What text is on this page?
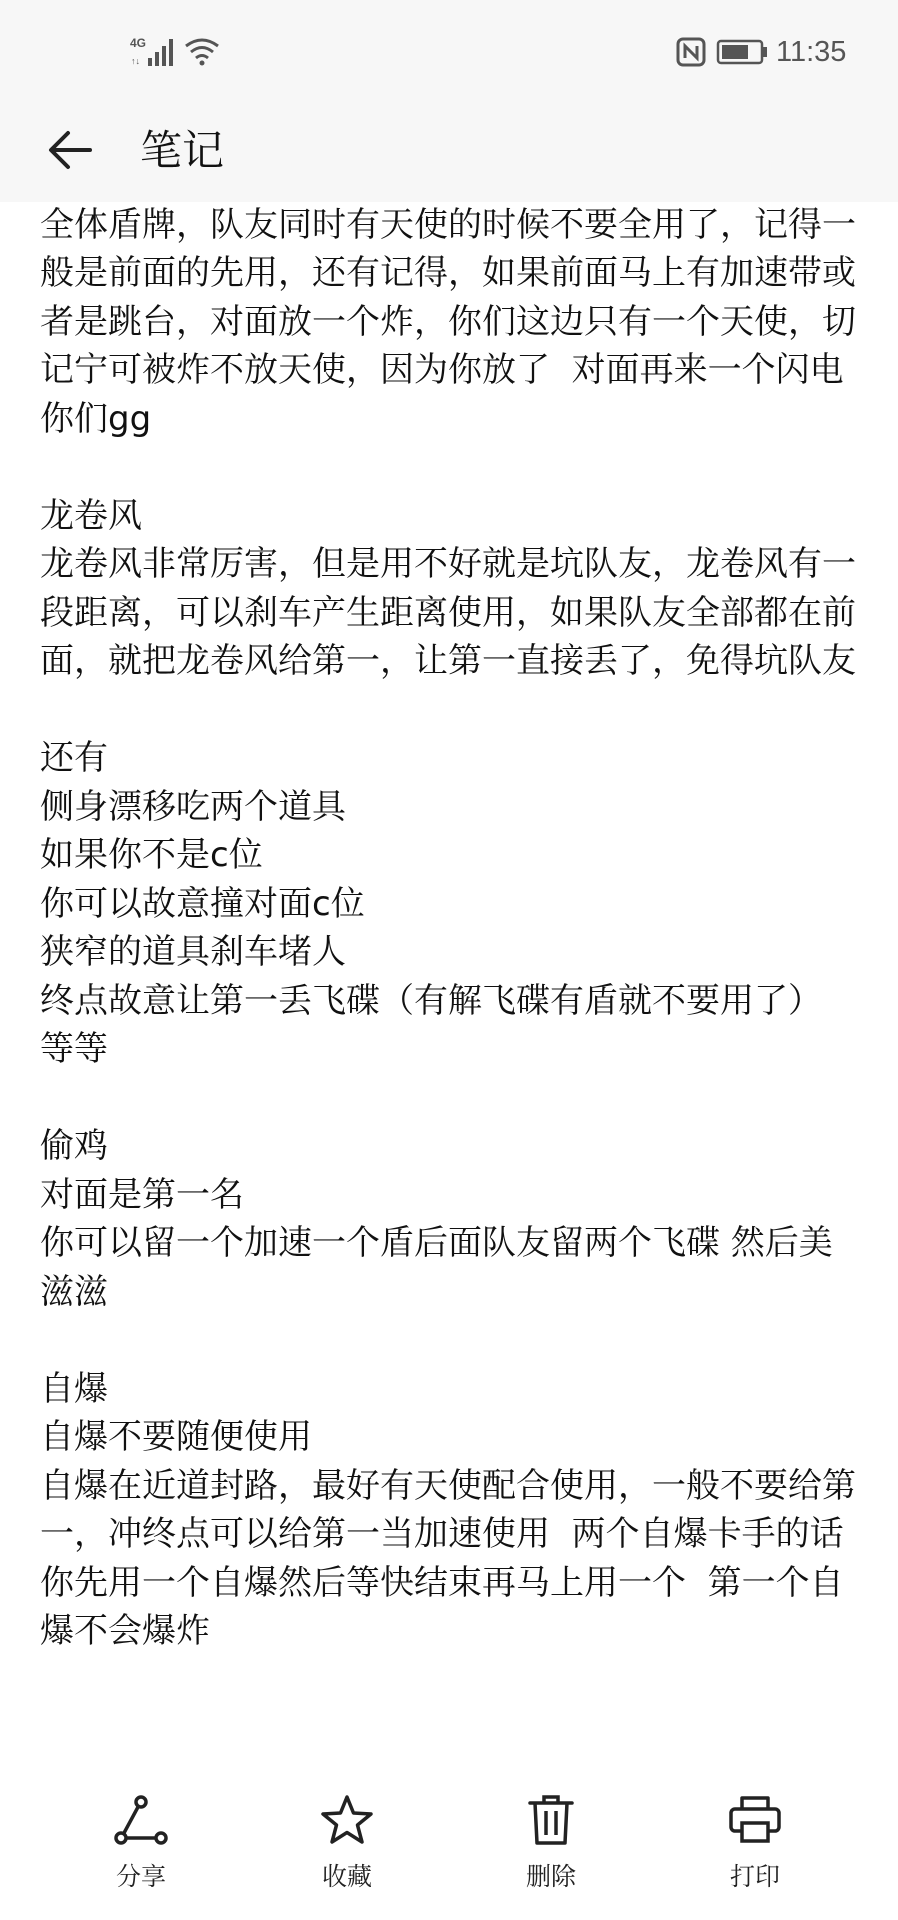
4G
↑↓	11:35
笔记

全体盾牌，队友同时有天使的时候不要全用了，记得一般是前面的先用，还有记得，如果前面马上有加速带或者是跳台，对面放一个炸，你们这边只有一个天使，切记宁可被炸不放天使，因为你放了  对面再来一个闪电  你们gg

龙卷风
龙卷风非常厉害，但是用不好就是坑队友，龙卷风有一段距离，可以刹车产生距离使用，如果队友全部都在前面，就把龙卷风给第一，让第一直接丢了，免得坑队友

还有
侧身漂移吃两个道具
如果你不是c位
你可以故意撞对面c位
狭窄的道具刹车堵人
终点故意让第一丢飞碟（有解飞碟有盾就不要用了）
等等

偷鸡
对面是第一名
你可以留一个加速一个盾后面队友留两个飞碟 然后美滋滋

自爆
自爆不要随便使用
自爆在近道封路，最好有天使配合使用，一般不要给第一，冲终点可以给第一当加速使用  两个自爆卡手的话  你先用一个自爆然后等快结束再马上用一个  第一个自爆不会爆炸
分享	收藏	删除	打印
